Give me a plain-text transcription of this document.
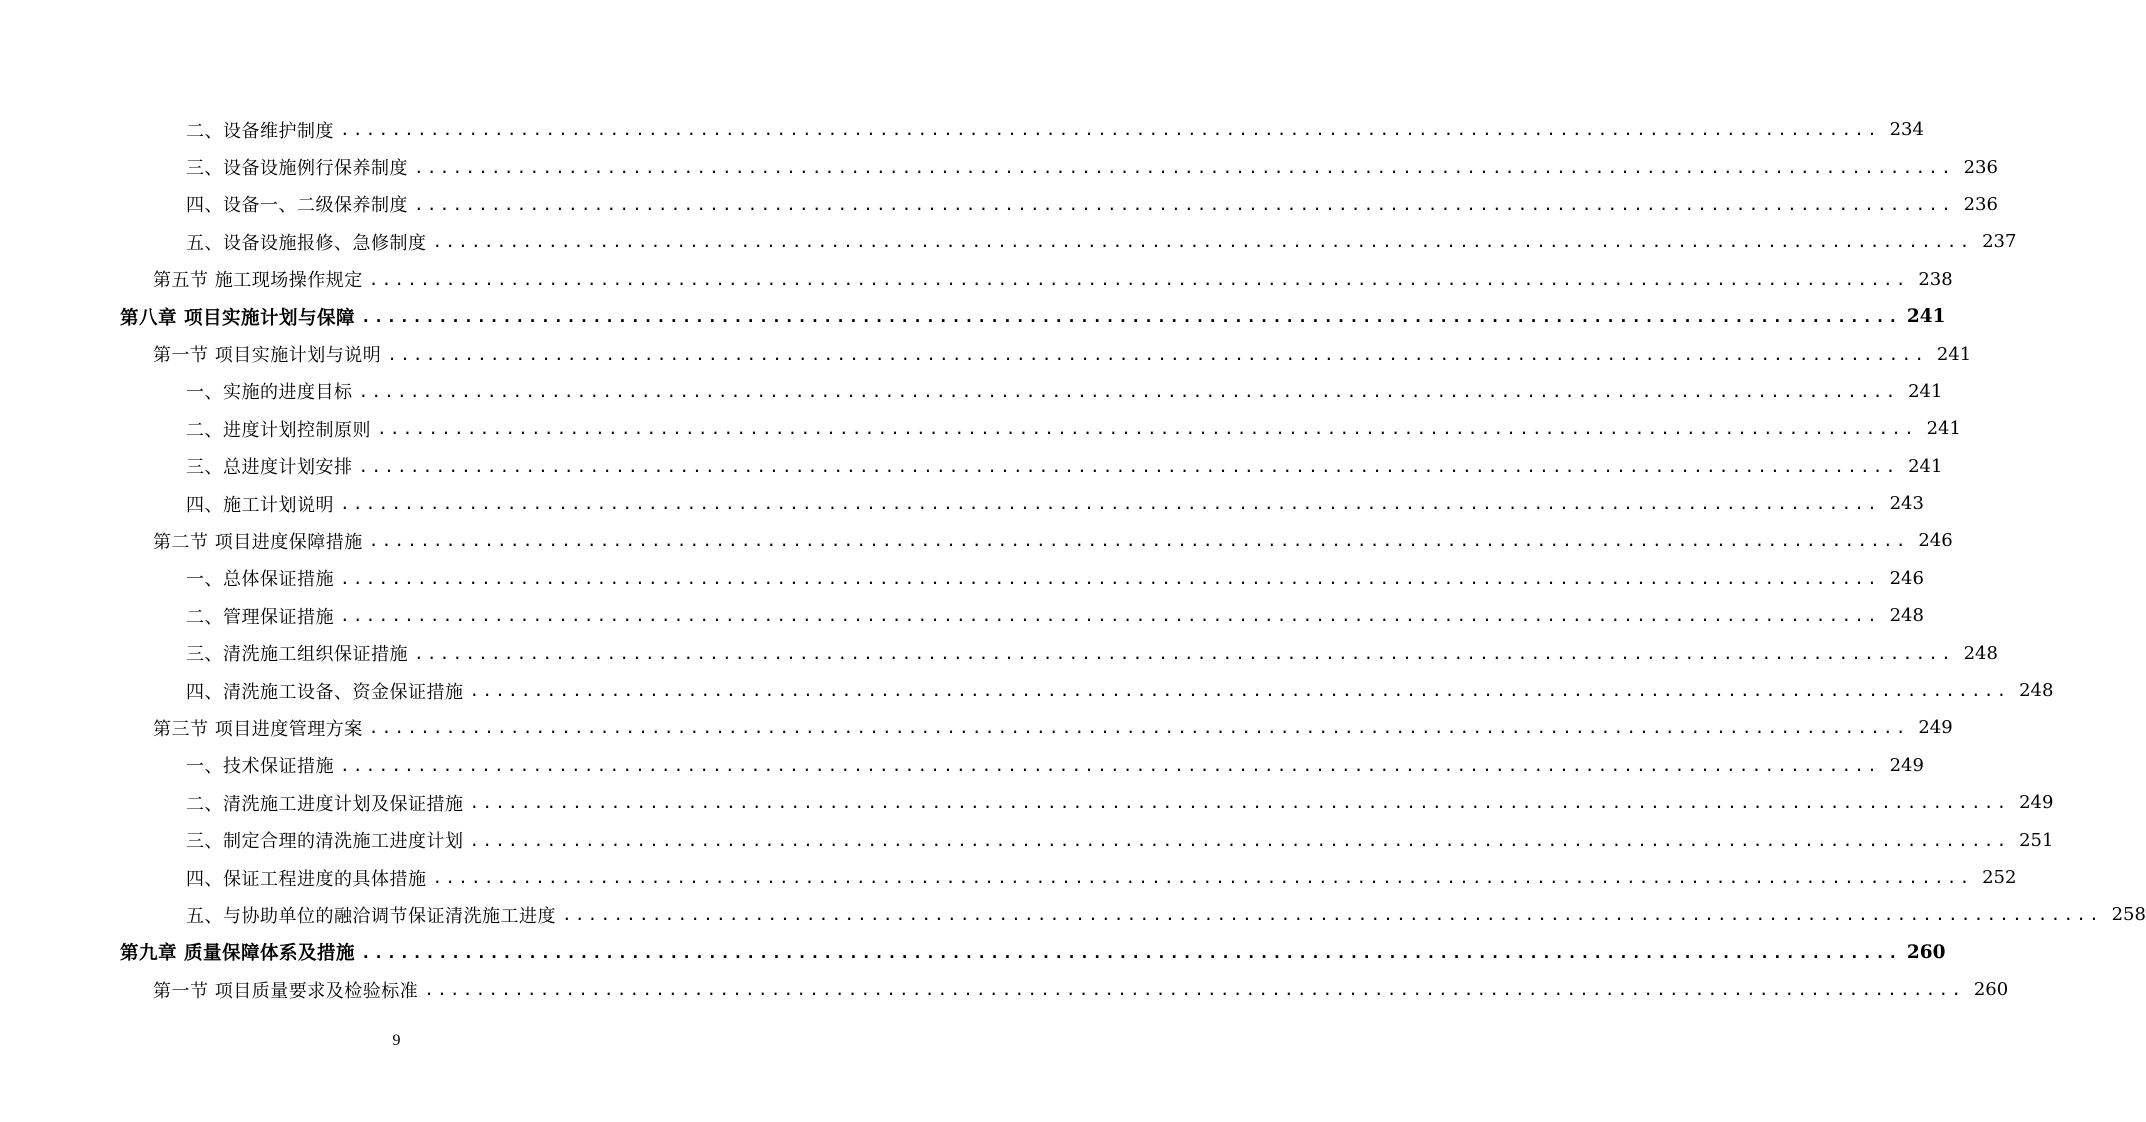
二、设备维护制度 ........................................................................................................................ 234
三、设备设施例行保养制度 ........................................................................................................................ 236
四、设备一、二级保养制度 ........................................................................................................................ 236
五、设备设施报修、急修制度 ........................................................................................................................ 237
第五节 施工现场操作规定 ........................................................................................................................ 238
第八章 项目实施计划与保障 ........................................................................................................................ 241
第一节 项目实施计划与说明 ........................................................................................................................ 241
一、实施的进度目标 ........................................................................................................................ 241
二、进度计划控制原则 ........................................................................................................................ 241
三、总进度计划安排 ........................................................................................................................ 241
四、施工计划说明 ........................................................................................................................ 243
第二节 项目进度保障措施 ........................................................................................................................ 246
一、总体保证措施 ........................................................................................................................ 246
二、管理保证措施 ........................................................................................................................ 248
三、清洗施工组织保证措施 ........................................................................................................................ 248
四、清洗施工设备、资金保证措施 ........................................................................................................................ 248
第三节 项目进度管理方案 ........................................................................................................................ 249
一、技术保证措施 ........................................................................................................................ 249
二、清洗施工进度计划及保证措施 ........................................................................................................................ 249
三、制定合理的清洗施工进度计划 ........................................................................................................................ 251
四、保证工程进度的具体措施 ........................................................................................................................ 252
五、与协助单位的融洽调节保证清洗施工进度 ........................................................................................................................ 258
第九章 质量保障体系及措施 ........................................................................................................................ 260
第一节 项目质量要求及检验标准 ........................................................................................................................ 260
9
